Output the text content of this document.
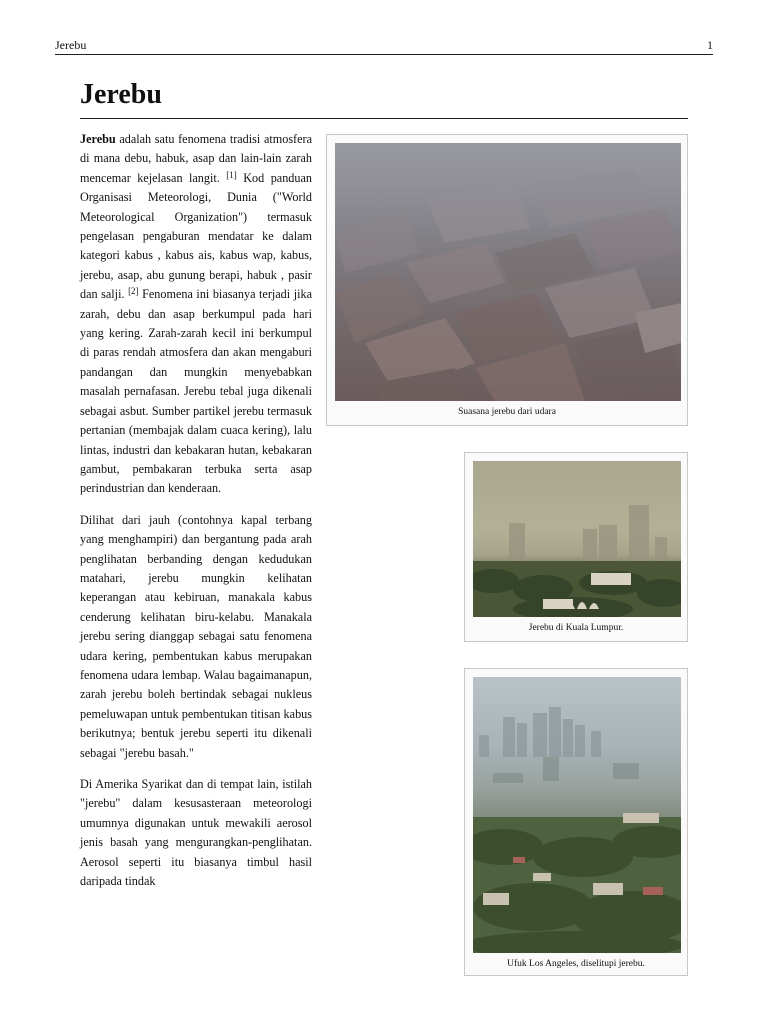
Jerebu	1
Jerebu

Jerebu adalah satu fenomena tradisi atmosfera di mana debu, habuk, asap dan lain-lain zarah mencemar kejelasan langit. [1] Kod panduan Organisasi Meteorologi, Dunia ("World Meteorological Organization") termasuk pengelasan pengaburan mendatar ke dalam kategori kabus , kabus ais, kabus wap, kabus, jerebu, asap, abu gunung berapi, habuk , pasir dan salji. [2] Fenomena ini biasanya terjadi jika zarah, debu dan asap berkumpul pada hari yang kering. Zarah-zarah kecil ini berkumpul di paras rendah atmosfera dan akan mengaburi pandangan dan mungkin menyebabkan masalah pernafasan. Jerebu tebal juga dikenali sebagai asbut. Sumber partikel jerebu termasuk pertanian (membajak dalam cuaca kering), lalu lintas, industri dan kebakaran hutan, kebakaran gambut, pembakaran terbuka serta asap perindustrian dan kenderaan.

Dilihat dari jauh (contohnya kapal terbang yang menghampiri) dan bergantung pada arah penglihatan berbanding dengan kedudukan matahari, jerebu mungkin kelihatan keperangan atau kebiruan, manakala kabus cenderung kelihatan biru-kelabu. Manakala jerebu sering dianggap sebagai satu fenomena udara kering, pembentukan kabus merupakan fenomena udara lembap. Walau bagaimanapun, zarah jerebu boleh bertindak sebagai nukleus pemeluwapan untuk pembentukan titisan kabus berikutnya; bentuk jerebu seperti itu dikenali sebagai "jerebu basah."

Di Amerika Syarikat dan di tempat lain, istilah "jerebu" dalam kesusasteraan meteorologi umumnya digunakan untuk mewakili aerosol jenis basah yang mengurangkan-penglihatan. Aerosol seperti itu biasanya timbul hasil daripada tindak

Suasana jerebu dari udara
Jerebu di Kuala Lumpur.
Ufuk Los Angeles, diselitupi jerebu.
